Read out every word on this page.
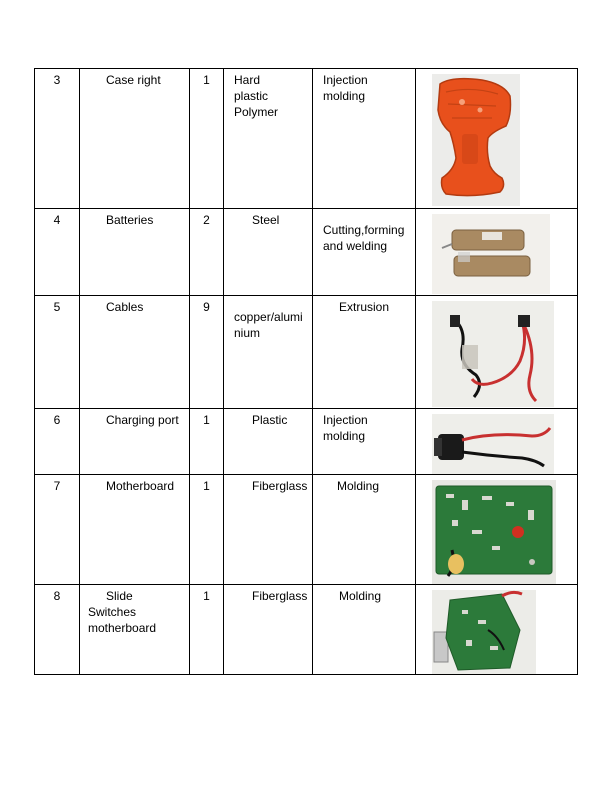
3	Case right	1	Hard
plastic
Polymer	Injection
molding

4	Batteries	2	Steel	Cutting,forming
and welding

5	Cables	9	copper/alumi
nium	Extrusion

6	Charging port	1	Plastic	Injection
molding

7	Motherboard	1	Fiberglass	Molding

8	Slide
Switches
motherboard	1	Fiberglass	Molding
